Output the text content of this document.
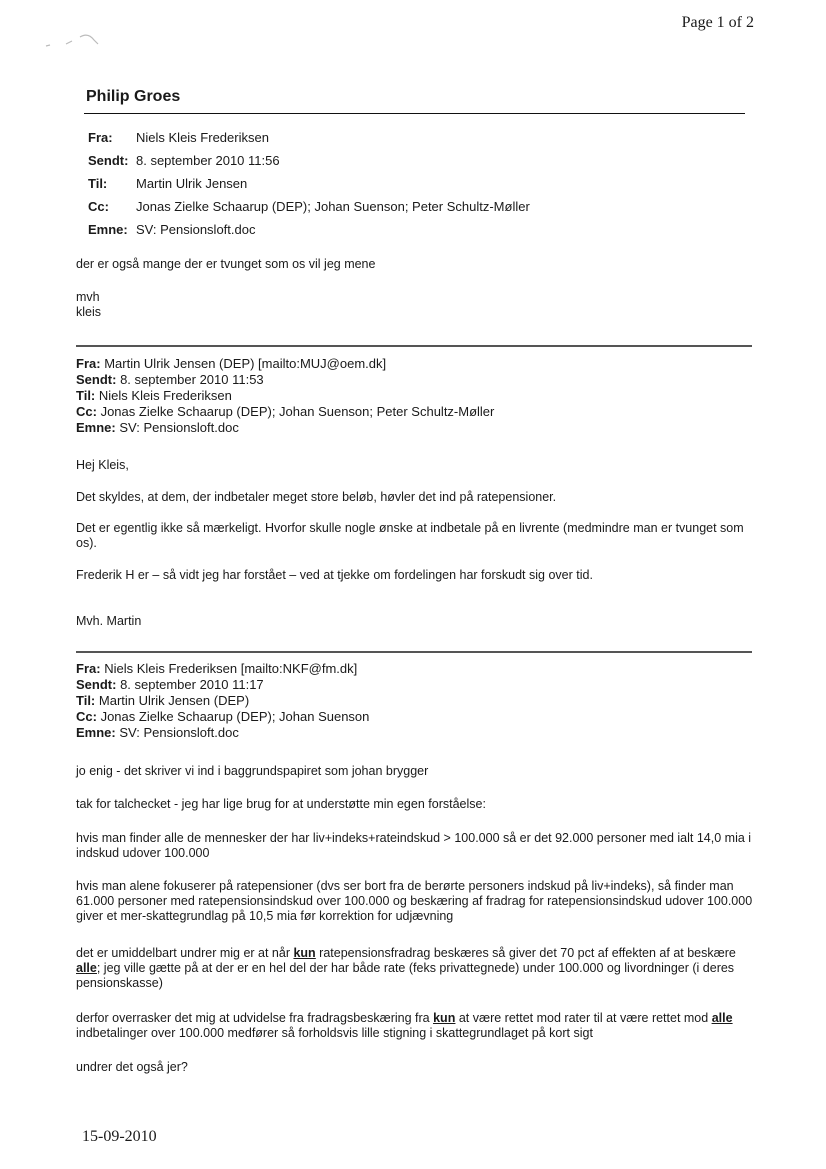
Page 1 of 2
Philip Groes
Fra:	Niels Kleis Frederiksen
Sendt: 8. september 2010 11:56
Til:	Martin Ulrik Jensen
Cc:	Jonas Zielke Schaarup (DEP); Johan Suenson; Peter Schultz-Møller
Emne: SV: Pensionsloft.doc
der er også mange der er tvunget som os vil jeg mene
mvh
kleis
Fra: Martin Ulrik Jensen (DEP) [mailto:MUJ@oem.dk]
Sendt: 8. september 2010 11:53
Til: Niels Kleis Frederiksen
Cc: Jonas Zielke Schaarup (DEP); Johan Suenson; Peter Schultz-Møller
Emne: SV: Pensionsloft.doc
Hej Kleis,
Det skyldes, at dem, der indbetaler meget store beløb, høvler det ind på ratepensioner.
Det er egentlig ikke så mærkeligt. Hvorfor skulle nogle ønske at indbetale på en livrente (medmindre man er tvunget som os).
Frederik H er – så vidt jeg har forstået – ved at tjekke om fordelingen har forskudt sig over tid.
Mvh. Martin
Fra: Niels Kleis Frederiksen [mailto:NKF@fm.dk]
Sendt: 8. september 2010 11:17
Til: Martin Ulrik Jensen (DEP)
Cc: Jonas Zielke Schaarup (DEP); Johan Suenson
Emne: SV: Pensionsloft.doc
jo enig - det skriver vi ind i baggrundspapiret som johan brygger
tak for talchecket - jeg har lige brug for at understøtte min egen forståelse:
hvis man finder alle de mennesker der har liv+indeks+rateindskud > 100.000 så er det 92.000 personer med ialt 14,0 mia i indskud udover 100.000
hvis man alene fokuserer på ratepensioner (dvs ser bort fra de berørte personers indskud på liv+indeks), så finder man 61.000 personer med ratepensionsindskud over 100.000 og beskæring af fradrag for ratepensionsindskud udover 100.000 giver et mer-skattegrundlag på 10,5 mia før korrektion for udjævning
det er umiddelbart undrer mig er at når kun ratepensionsfradrag beskæres så giver det 70 pct af effekten af at beskære alle; jeg ville gætte på at der er en hel del der har både rate (feks privattegnede) under 100.000 og livordninger (i deres pensionskasse)
derfor overrasker det mig at udvidelse fra fradragsbeskæring fra kun at være rettet mod rater til at være rettet mod alle indbetalinger over 100.000 medfører så forholdsvis lille stigning i skattegrundlaget på kort sigt
undrer det også jer?
15-09-2010
